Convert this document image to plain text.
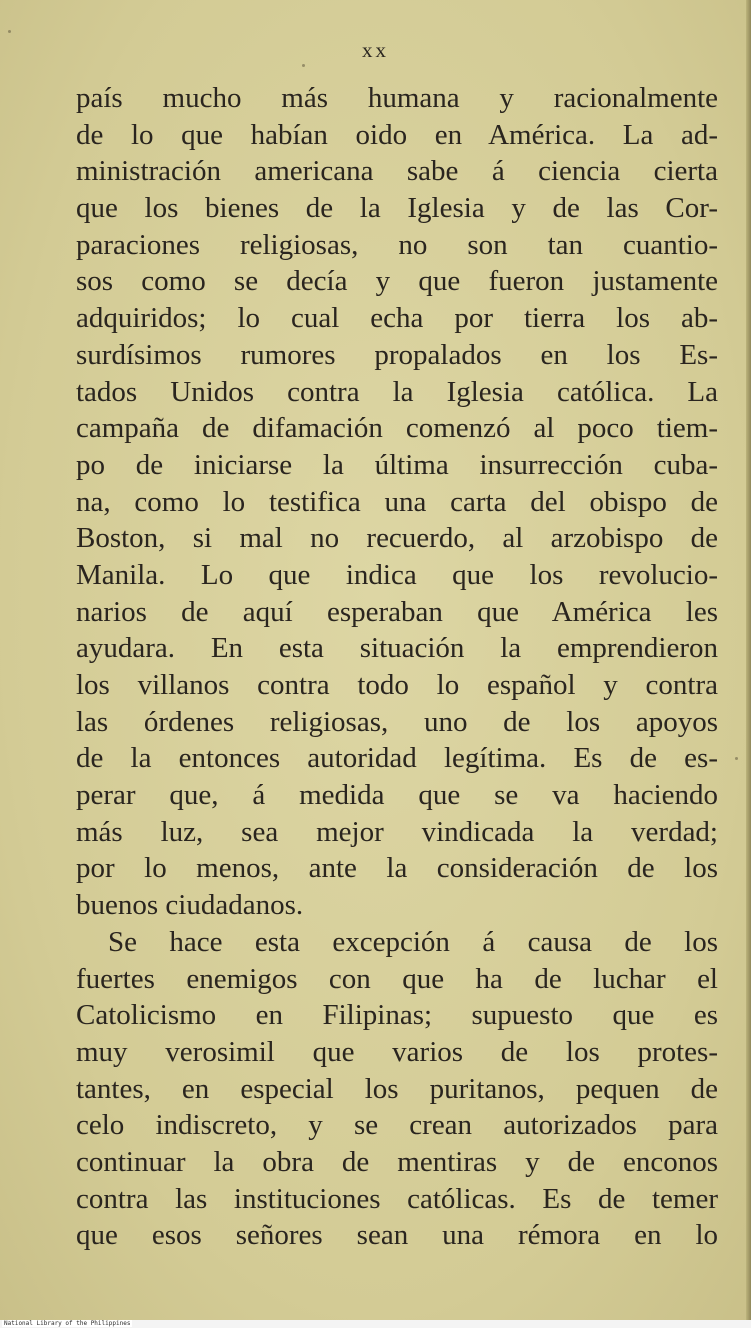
xx
país mucho más humana y racionalmente
de lo que habían oido en América. La ad-
ministración americana sabe á ciencia cierta
que los bienes de la Iglesia y de las Cor-
paraciones religiosas, no son tan cuantio-
sos como se decía y que fueron justamente
adquiridos; lo cual echa por tierra los ab-
surdísimos rumores propalados en los Es-
tados Unidos contra la Iglesia católica. La
campaña de difamación comenzó al poco tiem-
po de iniciarse la última insurrección cuba-
na, como lo testifica una carta del obispo de
Boston, si mal no recuerdo, al arzobispo de
Manila. Lo que indica que los revolucio-
narios de aquí esperaban que América les
ayudara. En esta situación la emprendieron
los villanos contra todo lo español y contra
las órdenes religiosas, uno de los apoyos
de la entonces autoridad legítima. Es de es-
perar que, á medida que se va haciendo
más luz, sea mejor vindicada la verdad;
por lo menos, ante la consideración de los
buenos ciudadanos.
Se hace esta excepción á causa de los
fuertes enemigos con que ha de luchar el
Catolicismo en Filipinas; supuesto que es
muy verosimil que varios de los protes-
tantes, en especial los puritanos, pequen de
celo indiscreto, y se crean autorizados para
continuar la obra de mentiras y de enconos
contra las instituciones católicas. Es de temer
que esos señores sean una rémora en lo
National Library of the Philippines
